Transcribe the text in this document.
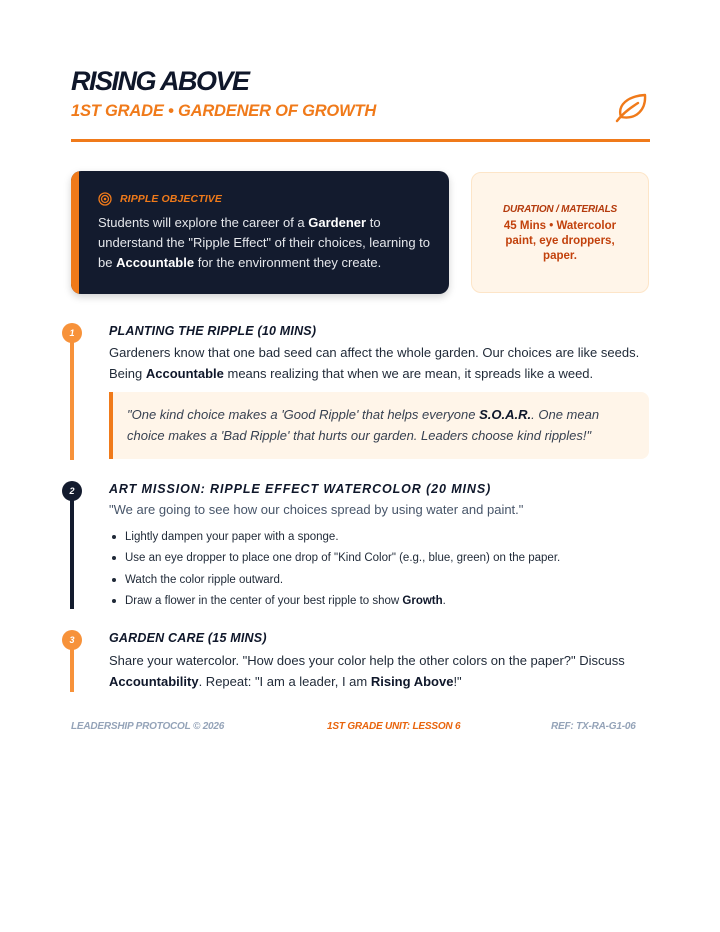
RISING ABOVE
1ST GRADE • GARDENER OF GROWTH
RIPPLE OBJECTIVE
Students will explore the career of a Gardener to understand the "Ripple Effect" of their choices, learning to be Accountable for the environment they create.
DURATION / MATERIALS
45 Mins • Watercolor paint, eye droppers, paper.
1	PLANTING THE RIPPLE (10 MINS)
Gardeners know that one bad seed can affect the whole garden. Our choices are like seeds. Being Accountable means realizing that when we are mean, it spreads like a weed.
"One kind choice makes a 'Good Ripple' that helps everyone S.O.A.R.. One mean choice makes a 'Bad Ripple' that hurts our garden. Leaders choose kind ripples!"
2	ART MISSION: RIPPLE EFFECT WATERCOLOR (20 MINS)
"We are going to see how our choices spread by using water and paint."
Lightly dampen your paper with a sponge.
Use an eye dropper to place one drop of "Kind Color" (e.g., blue, green) on the paper.
Watch the color ripple outward.
Draw a flower in the center of your best ripple to show Growth.
3	GARDEN CARE (15 MINS)
Share your watercolor. "How does your color help the other colors on the paper?" Discuss Accountability. Repeat: "I am a leader, I am Rising Above!"
LEADERSHIP PROTOCOL © 2026	1ST GRADE UNIT: LESSON 6	REF: TX-RA-G1-06
